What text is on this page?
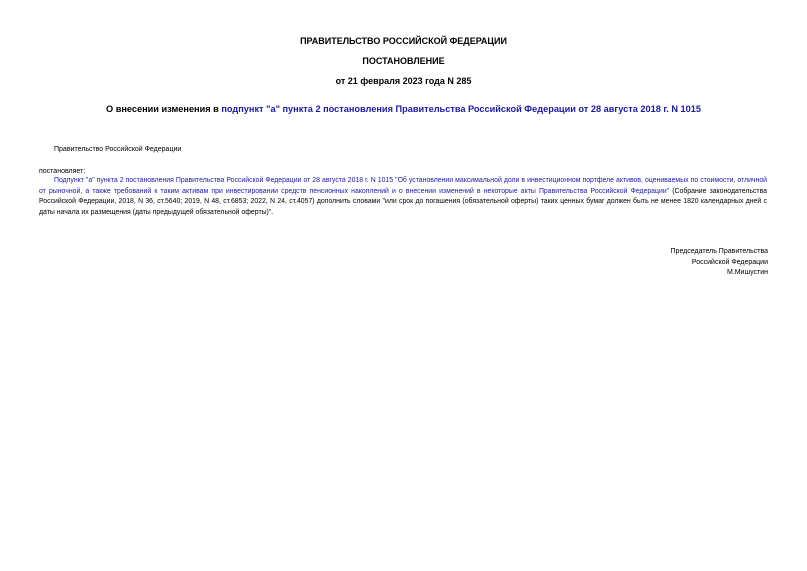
ПРАВИТЕЛЬСТВО РОССИЙСКОЙ ФЕДЕРАЦИИ
ПОСТАНОВЛЕНИЕ
от 21 февраля 2023 года N 285
О внесении изменения в подпункт "а" пункта 2 постановления Правительства Российской Федерации от 28 августа 2018 г. N 1015
Правительство Российской Федерации
постановляет:
Подпункт "а" пункта 2 постановления Правительства Российской Федерации от 28 августа 2018 г. N 1015 "Об установлении максимальной доли в инвестиционном портфеле активов, оцениваемых по стоимости, отличной от рыночной, а также требований к таким активам при инвестировании средств пенсионных накоплений и о внесении изменений в некоторые акты Правительства Российской Федерации" (Собрание законодательства Российской Федерации, 2018, N 36, ст.5640; 2019, N 48, ст.6853; 2022, N 24, ст.4057) дополнить словами "или срок до погашения (обязательной оферты) таких ценных бумаг должен быть не менее 1820 календарных дней с даты начала их размещения (даты предыдущей обязательной оферты)".
Председатель Правительства
Российской Федерации
М.Мишустин
